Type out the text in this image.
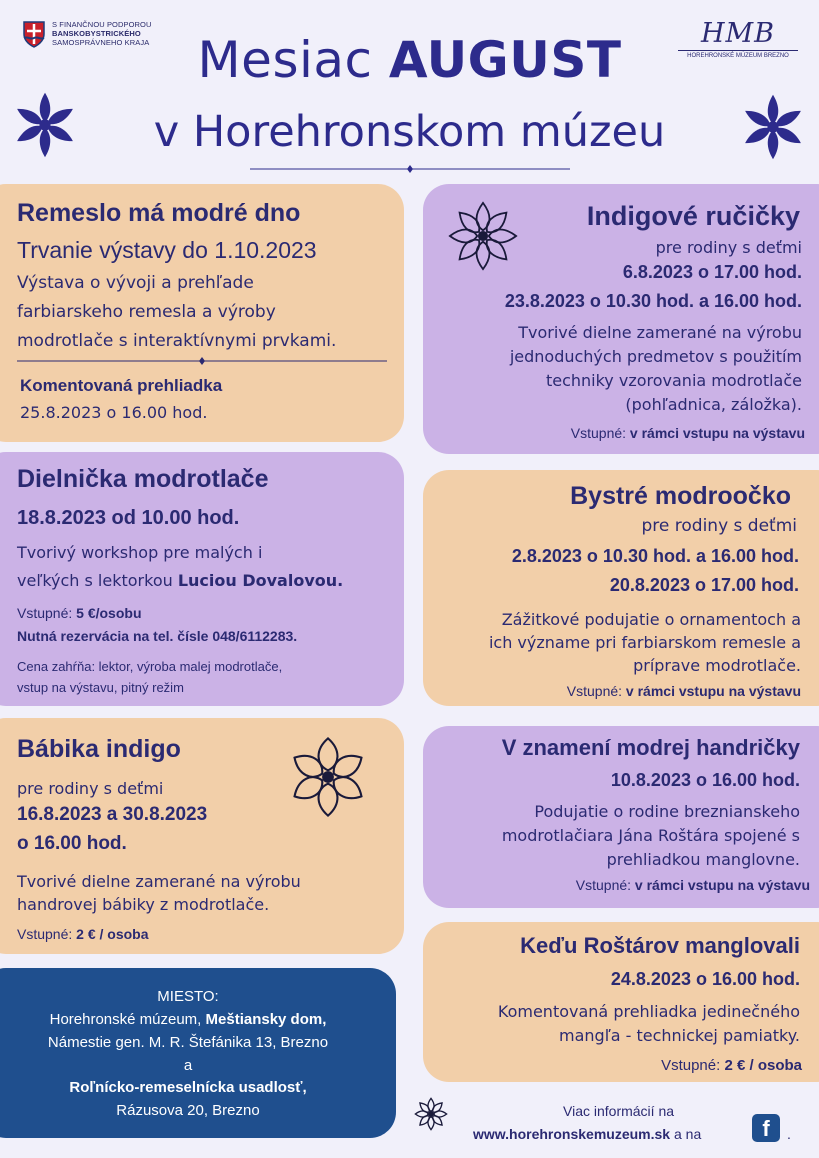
S FINANČNOU PODPOROU
BANSKOBYSTRICKÉHO
SAMOSPRÁVNEHO KRAJA	HMB
HOREHRONSKÉ MÚZEUM BREZNO
Mesiac AUGUST
v Horehronskom múzeu
Remeslo má modré dno
Trvanie výstavy do 1.10.2023
Výstava o vývoji a prehľade
farbiarskeho remesla a výroby
modrotlače s interaktívnymi prvkami.
Komentovaná prehliadka
25.8.2023 o 16.00 hod.
Indigové ručičky
pre rodiny s deťmi
6.8.2023 o 17.00 hod.
23.8.2023 o 10.30 hod. a 16.00 hod.
Tvorivé dielne zamerané na výrobu
jednoduchých predmetov s použitím
techniky vzorovania modrotlače
(pohľadnica, záložka).
Vstupné: v rámci vstupu na výstavu
Dielnička modrotlače
18.8.2023 od 10.00 hod.
Tvorivý workshop pre malých i
veľkých s lektorkou Luciou Dovalovou.
Vstupné: 5 €/osobu
Nutná rezervácia na tel. čísle 048/6112283.
Cena zahŕňa: lektor, výroba malej modrotlače,
vstup na výstavu, pitný režim
Bystré modroočko
pre rodiny s deťmi
2.8.2023 o 10.30 hod. a 16.00 hod.
20.8.2023 o 17.00 hod.
Zážitkové podujatie o ornamentoch a
ich význame pri farbiarskom remesle a
príprave modrotlače.
Vstupné: v rámci vstupu na výstavu
Bábika indigo
pre rodiny s deťmi
16.8.2023 a 30.8.2023
o 16.00 hod.
Tvorivé dielne zamerané na výrobu
handrovej bábiky z modrotlače.
Vstupné: 2 € / osoba
V znamení modrej handričky
10.8.2023 o 16.00 hod.
Podujatie o rodine breznianskeho
modrotlačiara Jána Roštára spojené s
prehliadkou manglovne.
Vstupné: v rámci vstupu na výstavu
Keďu Roštárov manglovali
24.8.2023 o 16.00 hod.
Komentovaná prehliadka jedinečného
mangľa - technickej pamiatky.
Vstupné: 2 € / osoba
MIESTO:
Horehronské múzeum, Meštiansky dom,
Námestie gen. M. R. Štefánika 13, Brezno
a
Roľnícko-remeselnícka usadlosť,
Rázusova 20, Brezno	Viac informácií na
www.horehronskemuzeum.sk a na	f	.
